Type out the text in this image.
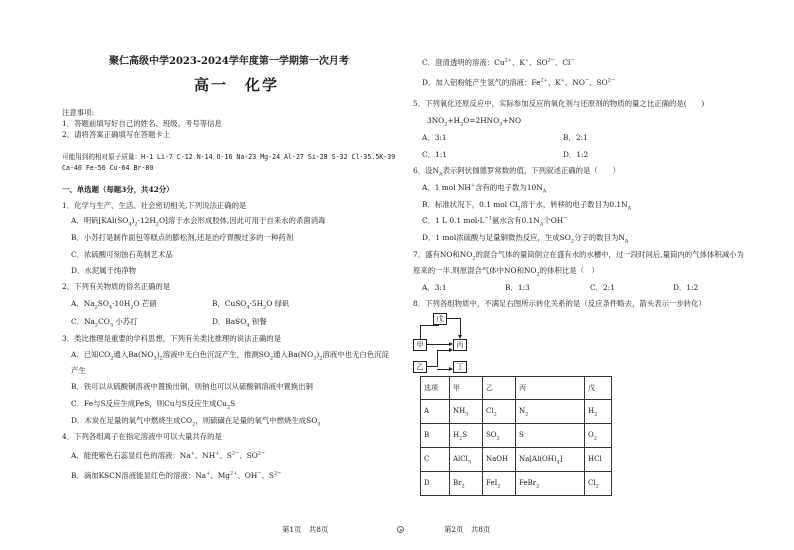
聚仁高级中学2023-2024学年度第一学期第一次月考
高一　化学
注意事项:
1．答题前填写好自己的姓名、班级、考号等信息
2．请将答案正确填写在答题卡上
可能用到的相对原子质量：H-1 Li-7 C-12 N-14 O-16 Na-23 Mg-24 Al-27 Si-28 S-32 Cl-35.5K-39
Ca-40 Fe-56 Cu-64 Br-80
一、单选题（每题3分，共42分）
1．化学与生产、生活、社会密切相关,下列说法正确的是
A．明矾$[KAl(SO_4)_2\cdot 12H_2O]$溶于水会形成胶体,因此可用于自来水的杀菌消毒
B．小苏打是制作面包等糕点的膨松剂,还是治疗胃酸过多的一种药剂
C．浓硫酸可刻蚀石英制艺术品
D．水泥属于纯净物
2．下列有关物质的俗名正确的是
A．$Na_2SO_4\cdot 10H_2O$ 芒硝	B．$CuSO_4\cdot 5H_2O$ 绿矾
C．$Na_2CO_3$ 小苏打	D．BaSO$_4$ 钡餐
3．类比推理是重要的学科思想，下列有关类比推理的说法正确的是
A．已知$CO_2$通入$Ba(NO_3)_2$溶液中无白色沉淀产生，推测$SO_2$通入$Ba(NO_3)_2$溶液中也无白色沉淀
产生
B．铁可以从硫酸铜溶液中置换出铜，则钠也可以从硫酸铜溶液中置换出铜
C．Fe与S反应生成FeS，则Cu与S反应生成$Cu_2S$
D．木炭在足量的氧气中燃烧生成$CO_2$，则硫磺在足量的氧气中燃烧生成$SO_3$
4．下列各组离子在指定溶液中可以大量共存的是
A．能使紫色石蕊显红色的溶液：Na+、NH+、$S^{2-}$、$SO^{2-}$
B．滴加KSCN溶液能显红色的溶液：Na+、$Mg^{2+}$、OH−、$S^{2-}$
第1页　共8页
C．澄清透明的溶液：$Cu^{2+}$、K+、$SO^{2-}$、Cl−
D．加入铝粉能产生氢气的溶液：$Fe^{2+}$、K+、NO−、$SO^{2-}$
5．下列氧化还原反应中，实际参加反应的氧化剂与还原剂的物质的量之比正确的是(　　)
$3NO_2+H_2O=2HNO_3+NO$
A．3:1	B．2:1
C．1:1	D．1:2
6．设$N_A$表示阿伏伽德罗常数的值，下列叙述正确的是（　　）
A．1 mol NH+含有的电子数为$10N_A$
B．标准状况下，0.1 mol $Cl_2$溶于水，转移的电子数目为$0.1N_A$
C．1 L 0.1 $mol\cdot L^{-1}$氨水含有$0.1N_A$个OH−
D．1 mol浓硫酸与足量铜微热反应，生成$SO_2$分子的数目为$N_A$
7．盛有NO和$NO_2$的混合气体的量筒倒立在盛有水的水槽中，过一段时间后,量筒内的气体体积减小为
原来的一半.则原混合气体中NO和$NO_2$的体积比是（　）
A．3:1	B．1:3	C．2:1	D．1:2
8．下列各组物质中，不满足右图所示转化关系的是（反应条件略去，箭头表示一步转化）
戊
甲	丙
乙	丁
选项	甲	乙	丙	戊
A	$NH_3$	$Cl_2$	$N_2$	$H_2$
B	$H_2S$	$SO_2$	S	$O_2$
C	AlCl$_3$	NaOH	$Na[Al(OH)_4]$	HCl
D	$Br_2$	FeI$_2$	FeBr$_2$	$Cl_2$
第2页　共8页
